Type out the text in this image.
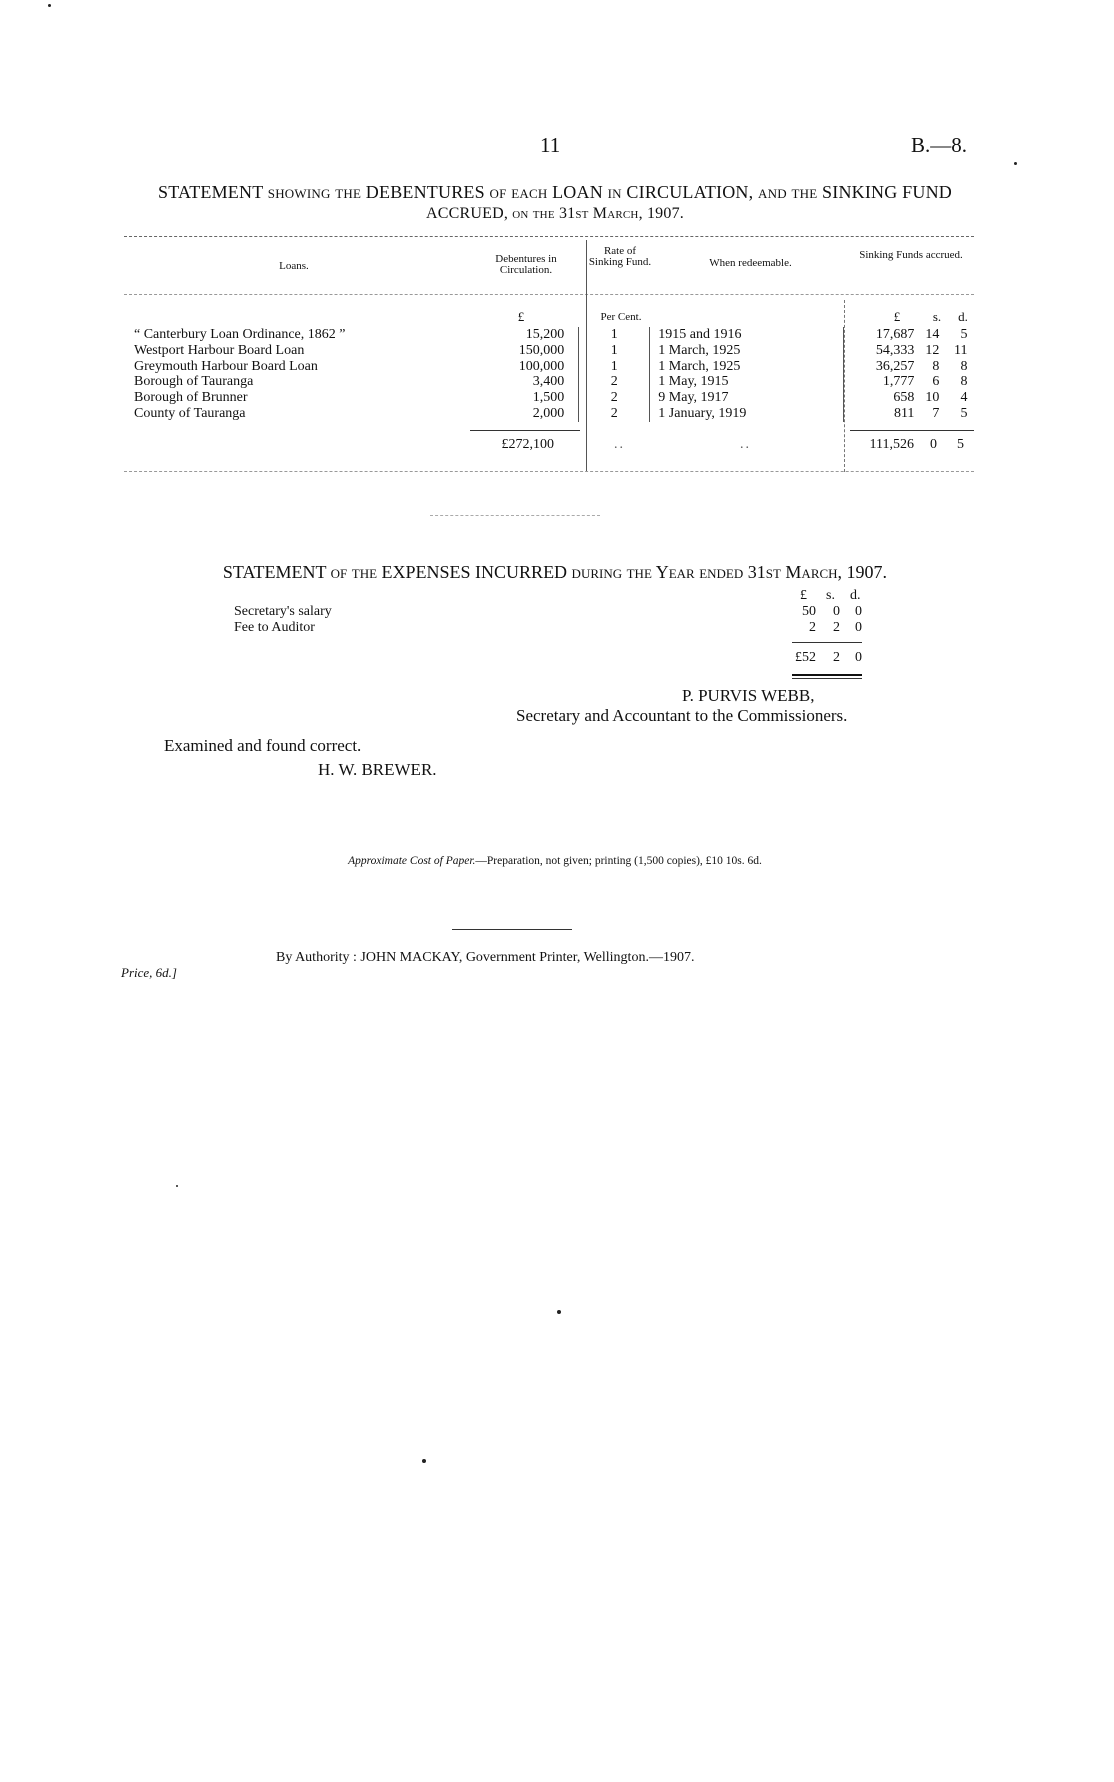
11	B.—8.
STATEMENT showing the DEBENTURES of each LOAN in CIRCULATION, and the SINKING FUND
ACCRUED, on the 31st March, 1907.
Loans.
Debentures in Circulation.
Rate of Sinking Fund.	When redeemable.
Sinking Funds accrued.
£	Per Cent.	£	s.	d.
“ Canterbury Loan Ordinance, 1862 ”	15,200	1	1915 and 1916	17,687	14	5
Westport Harbour Board Loan	150,000	1	1 March, 1925	54,333	12	11
Greymouth Harbour Board Loan	100,000	1	1 March, 1925	36,257	8	8
Borough of Tauranga	3,400	2	1 May, 1915	1,777	6	8
Borough of Brunner	1,500	2	9 May, 1917	658	10	4
County of Tauranga	2,000	2	1 January, 1919	811	7	5
£272,100	..	..	111,526	0	5
STATEMENT of the EXPENSES INCURRED during the Year ended 31st March, 1907.
£ s. d.
Secretary's salary	50	0	0
Fee to Auditor	2	2	0
£52	2	0
P. PURVIS WEBB,
Secretary and Accountant to the Commissioners.
Examined and found correct.
H. W. BREWER.
Approximate Cost of Paper.—Preparation, not given; printing (1,500 copies), £10 10s. 6d.
By Authority : JOHN MACKAY, Government Printer, Wellington.—1907.
Price, 6d.]
